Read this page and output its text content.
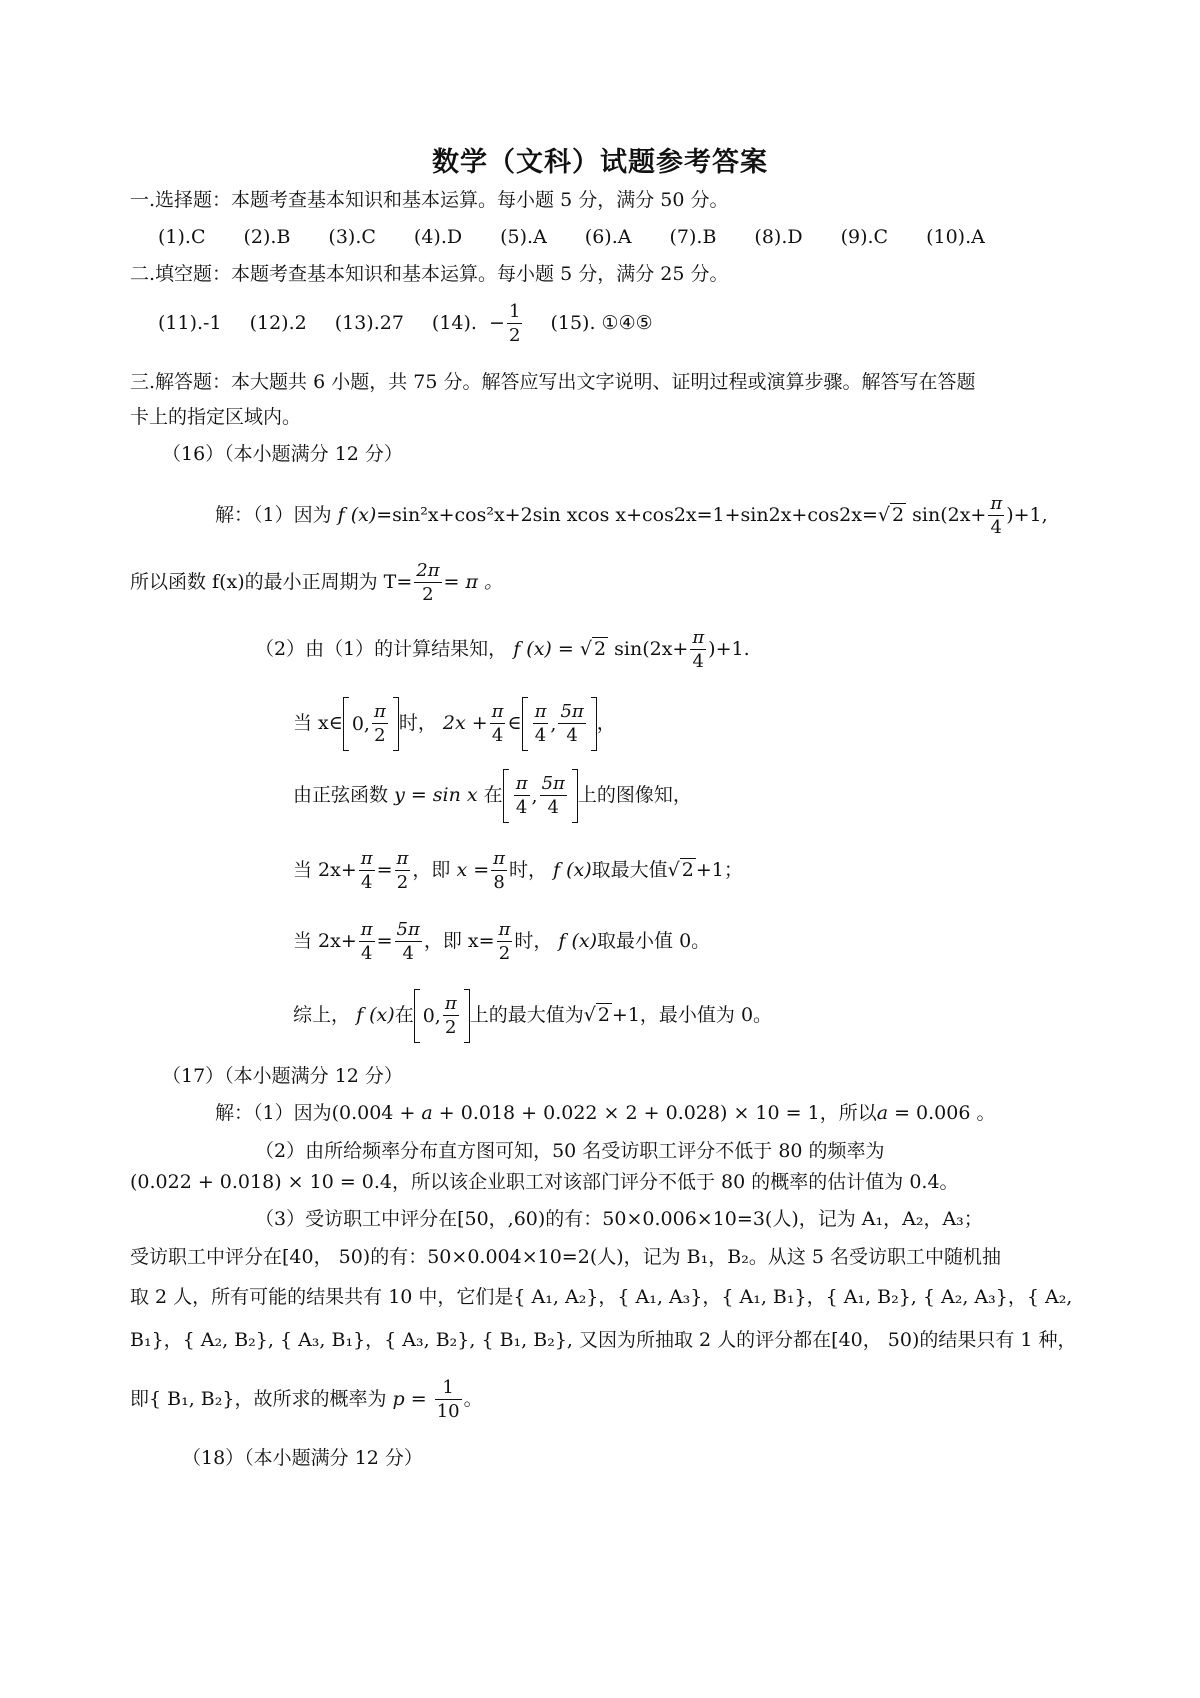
数学（文科）试题参考答案
一.选择题：本题考查基本知识和基本运算。每小题 5 分，满分 50 分。
(1).C (2).B (3).C (4).D (5).A (6).A (7).B (8).D (9).C (10).A
二.填空题：本题考查基本知识和基本运算。每小题 5 分，满分 25 分。
(11).-1 (12).2 (13).27 (14). − $\frac{1}{2} (15)$. ①④⑤
三.解答题：本大题共 6 小题，共 75 分。解答应写出文字说明、证明过程或演算步骤。解答写在答题
卡上的指定区域内。
（16）（本小题满分 12 分）
解：（1）因为 f (x)=sin²x+cos²x+2sin xcos x+cos2x=1+sin2x+cos2x=√ 2 $\sin(2x+ \frac{\pi}{4} )+1$,
所以函数 f(x)的最小正周期为 $T= \frac{2\pi}{2} = \pi$ 。
（2）由（1）的计算结果知， f (x) = √ 2 $\sin(2x+ \frac{\pi}{4} )+1$.
当 x∈ 0, $\frac{\pi}{2}$ 时， $2x + \frac{\pi}{4}$ ∈ $\frac{\pi}{4}$ , $\frac{5\pi}{4}$ ，
由正弦函数 y = sin x 在 $\frac{\pi}{4}$ , $\frac{5\pi}{4}$ 上的图像知，
当 $2x+ \frac{\pi}{4} = \frac{\pi}{2}$ ，即 $x = \frac{\pi}{8}$ 时， f (x)取最大值√ 2 +1；
当 $2x+ \frac{\pi}{4} = \frac{5\pi}{4}$ ，即 $x= \frac{\pi}{2}$ 时， f (x)取最小值 0。
综上， f (x)在 0, $\frac{\pi}{2}$ 上的最大值为√ 2 +1，最小值为 0。
（17）（本小题满分 12 分）
解：（1）因为(0.004 + a + 0.018 + 0.022 × 2 + 0.028) × 10 = 1，所以a = 0.006 。
（2）由所给频率分布直方图可知，50 名受访职工评分不低于 80 的频率为
(0.022 + 0.018) × 10 = 0.4，所以该企业职工对该部门评分不低于 80 的概率的估计值为 0.4。
（3）受访职工中评分在[50，,60)的有：50×0.006×10=3(人)，记为 A₁，A₂，A₃；
受访职工中评分在[40， 50)的有：50×0.004×10=2(人)，记为 B₁，B₂。从这 5 名受访职工中随机抽
取 2 人，所有可能的结果共有 10 中，它们是{ A₁, A₂}，{ A₁, A₃}，{ A₁, B₁}，{ A₁, B₂}, { A₂, A₃}，{ A₂,
B₁}，{ A₂, B₂}, { A₃, B₁}，{ A₃, B₂}, { B₁, B₂}, 又因为所抽取 2 人的评分都在[40， 50)的结果只有 1 种，
即{ B₁, B₂}，故所求的概率为 $p = \frac{1}{10}$ 。
（18）（本小题满分 12 分）
